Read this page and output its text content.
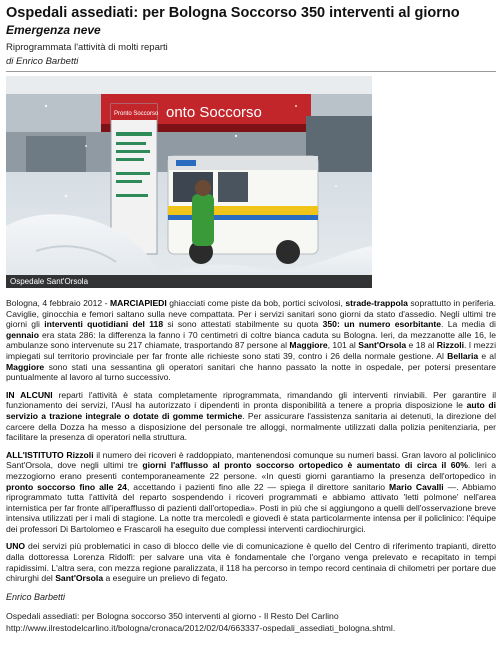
Ospedali assediati: per Bologna Soccorso 350 interventi al giorno
Emergenza neve
Riprogrammata l'attività di molti reparti
di Enrico Barbetti
onto Soccorso
Pronto Soccorso
Ospedale Sant'Orsola

Bologna, 4 febbraio 2012 - MARCIAPIEDI ghiacciati come piste da bob, portici scivolosi, strade-trappola soprattutto in periferia. Caviglie, ginocchia e femori saltano sulla neve compattata. Per i servizi sanitari sono giorni da stato d'assedio. Negli ultimi tre giorni gli interventi quotidiani del 118 si sono attestati stabilmente su quota 350: un numero esorbitante. La media di gennaio era stata 286: la differenza la fanno i 70 centimetri di coltre bianca caduta su Bologna. Ieri, da mezzanotte alle 16, le ambulanze sono intervenute su 217 chiamate, trasportando 87 persone al Maggiore, 101 al Sant'Orsola e 18 al Rizzoli. I mezzi impiegati sul territorio provinciale per far fronte alle richieste sono stati 39, contro i 26 della normale gestione. Al Bellaria e al Maggiore sono stati una sessantina gli operatori sanitari che hanno passato la notte in ospedale, per potersi presentare puntualmente al lavoro al turno successivo.

IN ALCUNI reparti l'attività è stata completamente riprogrammata, rimandando gli interventi rinviabili. Per garantire il funzionamento dei servizi, l'Ausl ha autorizzato i dipendenti in pronta disponibilità a tenere a propria disposizione le auto di servizio a trazione integrale o dotate di gomme termiche. Per assicurare l'assistenza sanitaria ai detenuti, la direzione del carcere della Dozza ha messo a disposizione del personale tre alloggi, normalmente utilizzati dalla polizia penitenziaria, per facilitare la presenza di operatori nella struttura.

ALL'ISTITUTO Rizzoli il numero dei ricoveri è raddoppiato, mantenendosi comunque su numeri bassi. Gran lavoro al policlinico Sant'Orsola, dove negli ultimi tre giorni l'afflusso al pronto soccorso ortopedico è aumentato di circa il 60%. Ieri a mezzogiorno erano presenti contemporaneamente 22 persone. «In questi giorni garantiamo la presenza dell'ortopedico in pronto soccorso fino alle 24, accettando i pazienti fino alle 22 — spiega il direttore sanitario Mario Cavalli —. Abbiamo riprogrammato tutta l'attività del reparto sospendendo i ricoveri programmati e abbiamo attivato 'letti polmone' nell'area internistica per far fronte all'iperafflusso di pazienti dall'ortopedia». Posti in più che si aggiungono a quelli dell'osservazione breve intensiva utilizzati per i mali di stagione. La notte tra mercoledì e giovedì è stata particolarmente intensa per il policlinico: l'équipe dei professori Di Bartolomeo e Frascaroli ha eseguito due complessi interventi cardiochirurgici.

UNO dei servizi più problematici in caso di blocco delle vie di comunicazione è quello del Centro di riferimento trapianti, diretto dalla dottoressa Lorenza Ridolfi: per salvare una vita è fondamentale che l'organo venga prelevato e recapitato in tempi rapidissimi. L'altra sera, con mezza regione paralizzata, il 118 ha percorso in tempo record centinaia di chilometri per portare due chirurghi del Sant'Orsola a eseguire un prelievo di fegato.

Enrico Barbetti
Ospedali assediati: per Bologna soccorso 350 interventi al giorno - Il Resto Del Carlino
http://www.ilrestodelcarlino.it/bologna/cronaca/2012/02/04/663337-ospedali_assediati_bologna.shtml.
